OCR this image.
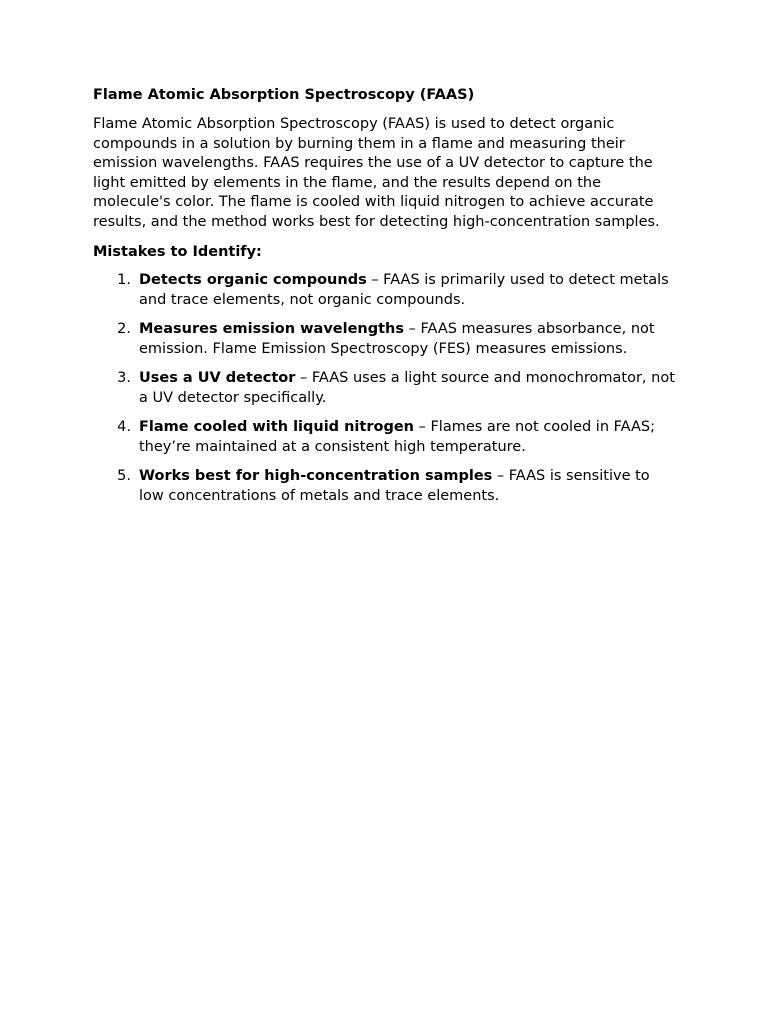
Flame Atomic Absorption Spectroscopy (FAAS)

Flame Atomic Absorption Spectroscopy (FAAS) is used to detect organic compounds in a solution by burning them in a flame and measuring their emission wavelengths. FAAS requires the use of a UV detector to capture the light emitted by elements in the flame, and the results depend on the molecule's color. The flame is cooled with liquid nitrogen to achieve accurate results, and the method works best for detecting high-concentration samples.

Mistakes to Identify:
1. Detects organic compounds – FAAS is primarily used to detect metals and trace elements, not organic compounds.
2. Measures emission wavelengths – FAAS measures absorbance, not emission. Flame Emission Spectroscopy (FES) measures emissions.
3. Uses a UV detector – FAAS uses a light source and monochromator, not a UV detector specifically.
4. Flame cooled with liquid nitrogen – Flames are not cooled in FAAS; they’re maintained at a consistent high temperature.
5. Works best for high-concentration samples – FAAS is sensitive to low concentrations of metals and trace elements.
